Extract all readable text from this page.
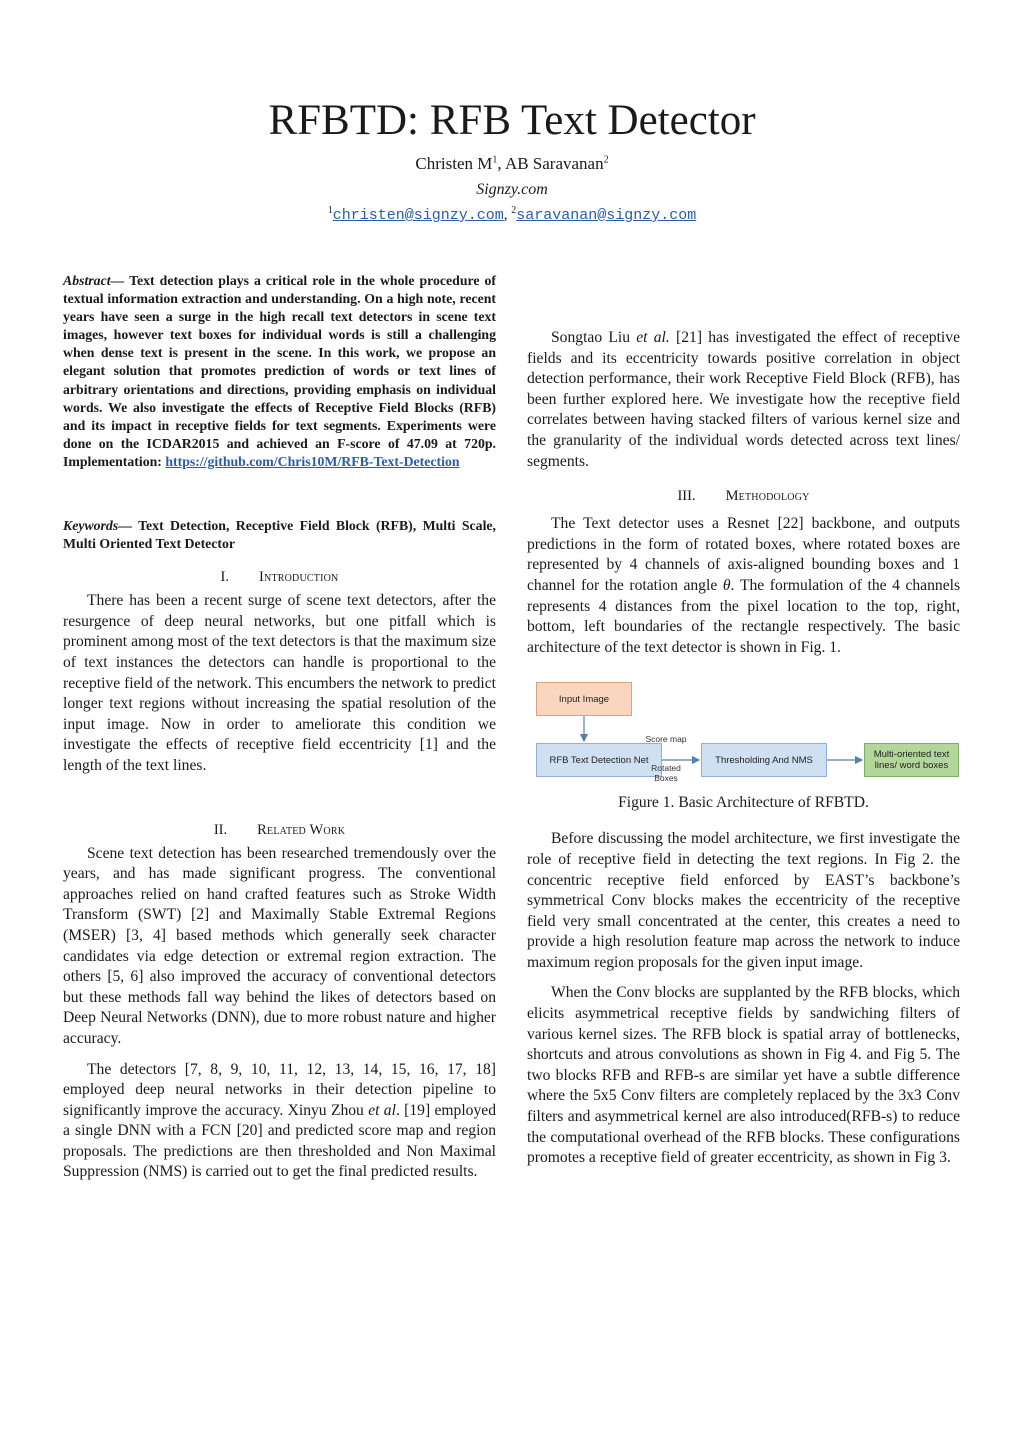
RFBTD: RFB Text Detector
Christen $M^1$, AB Saravanan$^2$
Signzy.com
$^1$christen@signzy.com, $^2$saravanan@signzy.com

Abstract— Text detection plays a critical role in the whole procedure of textual information extraction and understanding. On a high note, recent years have seen a surge in the high recall text detectors in scene text images, however text boxes for individual words is still a challenging when dense text is present in the scene. In this work, we propose an elegant solution that promotes prediction of words or text lines of arbitrary orientations and directions, providing emphasis on individual words. We also investigate the effects of Receptive Field Blocks (RFB) and its impact in receptive fields for text segments. Experiments were done on the ICDAR2015 and achieved an F-score of 47.09 at 720p. Implementation: https://github.com/Chris10M/RFB-Text-Detection

Keywords— Text Detection, Receptive Field Block (RFB), Multi Scale, Multi Oriented Text Detector

I. Introduction

There has been a recent surge of scene text detectors, after the resurgence of deep neural networks, but one pitfall which is prominent among most of the text detectors is that the maximum size of text instances the detectors can handle is proportional to the receptive field of the network. This encumbers the network to predict longer text regions without increasing the spatial resolution of the input image. Now in order to ameliorate this condition we investigate the effects of receptive field eccentricity [1] and the length of the text lines.

II. Related Work

Scene text detection has been researched tremendously over the years, and has made significant progress. The conventional approaches relied on hand crafted features such as Stroke Width Transform (SWT) [2] and Maximally Stable Extremal Regions (MSER) [3, 4] based methods which generally seek character candidates via edge detection or extremal region extraction. The others [5, 6] also improved the accuracy of conventional detectors but these methods fall way behind the likes of detectors based on Deep Neural Networks (DNN), due to more robust nature and higher accuracy.

The detectors [7, 8, 9, 10, 11, 12, 13, 14, 15, 16, 17, 18] employed deep neural networks in their detection pipeline to significantly improve the accuracy. Xinyu Zhou et al. [19] employed a single DNN with a FCN [20] and predicted score map and region proposals. The predictions are then thresholded and Non Maximal Suppression (NMS) is carried out to get the final predicted results.

Songtao Liu et al. [21] has investigated the effect of receptive fields and its eccentricity towards positive correlation in object detection performance, their work Receptive Field Block (RFB), has been further explored here. We investigate how the receptive field correlates between having stacked filters of various kernel size and the granularity of the individual words detected across text lines/ segments.

III. Methodology

The Text detector uses a Resnet [22] backbone, and outputs predictions in the form of rotated boxes, where rotated boxes are represented by 4 channels of axis-aligned bounding boxes and 1 channel for the rotation angle θ. The formulation of the 4 channels represents 4 distances from the pixel location to the top, right, bottom, left boundaries of the rectangle respectively. The basic architecture of the text detector is shown in Fig. 1.

Input Image
RFB Text Detection Net
Score map
Rotated Boxes
Thresholding And NMS	Multi-oriented text lines/ word boxes
Figure 1. Basic Architecture of RFBTD.

Before discussing the model architecture, we first investigate the role of receptive field in detecting the text regions. In Fig 2. the concentric receptive field enforced by EAST’s backbone’s symmetrical Conv blocks makes the eccentricity of the receptive field very small concentrated at the center, this creates a need to provide a high resolution feature map across the network to induce maximum region proposals for the given input image.

When the Conv blocks are supplanted by the RFB blocks, which elicits asymmetrical receptive fields by sandwiching filters of various kernel sizes. The RFB block is spatial array of bottlenecks, shortcuts and atrous convolutions as shown in Fig 4. and Fig 5. The two blocks RFB and RFB-s are similar yet have a subtle difference where the 5x5 Conv filters are completely replaced by the 3x3 Conv filters and asymmetrical kernel are also introduced(RFB-s) to reduce the computational overhead of the RFB blocks. These configurations promotes a receptive field of greater eccentricity, as shown in Fig 3.
